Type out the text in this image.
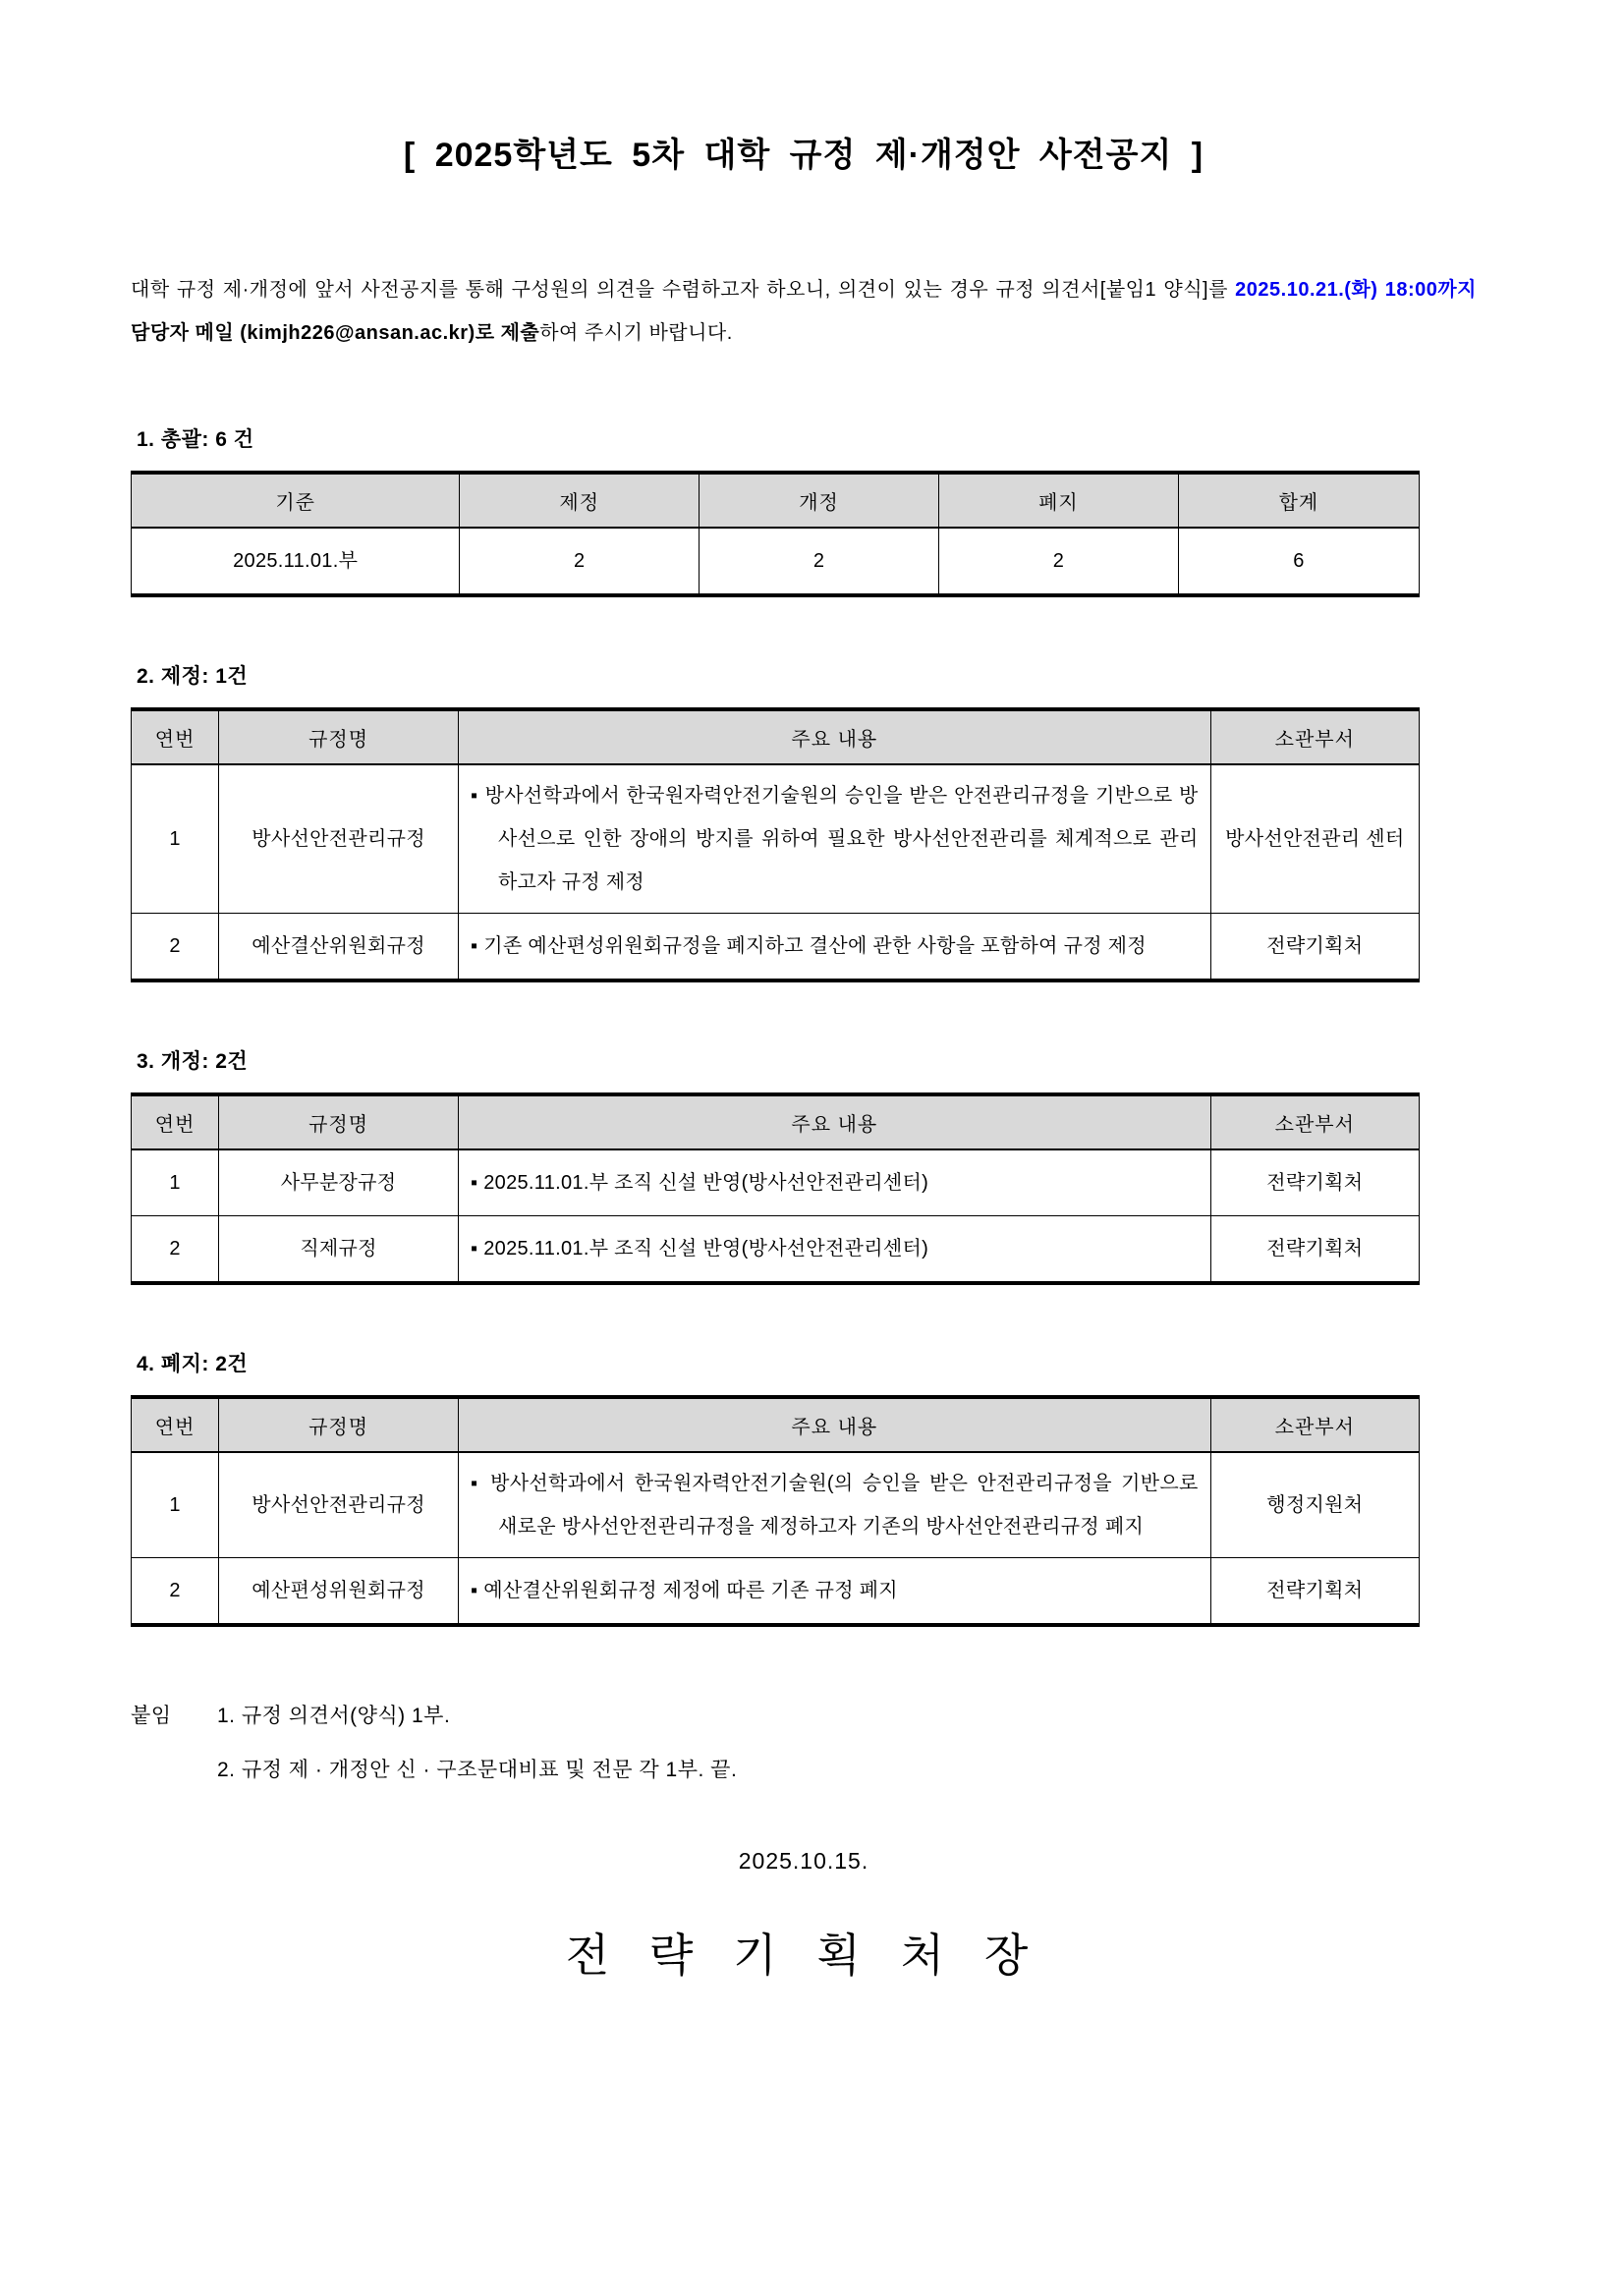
[ 2025학년도 5차 대학 규정 제·개정안 사전공지 ]

대학 규정 제·개정에 앞서 사전공지를 통해 구성원의 의견을 수렴하고자 하오니, 의견이 있는 경우 규정 의견서[붙임1 양식]를 2025.10.21.(화) 18:00까지 담당자 메일 (kimjh226@ansan.ac.kr)로 제출하여 주시기 바랍니다.

1. 총괄: 6 건
기준	제정	개정	폐지	합계
2025.11.01.부	2	2	2	6
2. 제정: 1건
연번	규정명	주요 내용	소관부서
1	방사선안전관리규정	▪ 방사선학과에서 한국원자력안전기술원의 승인을 받은 안전관리규정을 기반으로 방사선으로 인한 장애의 방지를 위하여 필요한 방사선안전관리를 체계적으로 관리하고자 규정 제정	방사선안전관리 센터
2	예산결산위원회규정	▪ 기존 예산편성위원회규정을 폐지하고 결산에 관한 사항을 포함하여 규정 제정	전략기획처
3. 개정: 2건
연번	규정명	주요 내용	소관부서
1	사무분장규정	▪ 2025.11.01.부 조직 신설 반영(방사선안전관리센터)	전략기획처
2	직제규정	▪ 2025.11.01.부 조직 신설 반영(방사선안전관리센터)	전략기획처
4. 폐지: 2건
연번	규정명	주요 내용	소관부서
1	방사선안전관리규정	▪ 방사선학과에서 한국원자력안전기술원(의 승인을 받은 안전관리규정을 기반으로 새로운 방사선안전관리규정을 제정하고자 기존의 방사선안전관리규정 폐지	행정지원처
2	예산편성위원회규정	▪ 예산결산위원회규정 제정에 따른 기존 규정 폐지	전략기획처
붙임	1. 규정 의견서(양식) 1부.
2. 규정 제 · 개정안 신 · 구조문대비표 및 전문 각 1부. 끝.
2025.10.15.
전 략 기 획 처 장
